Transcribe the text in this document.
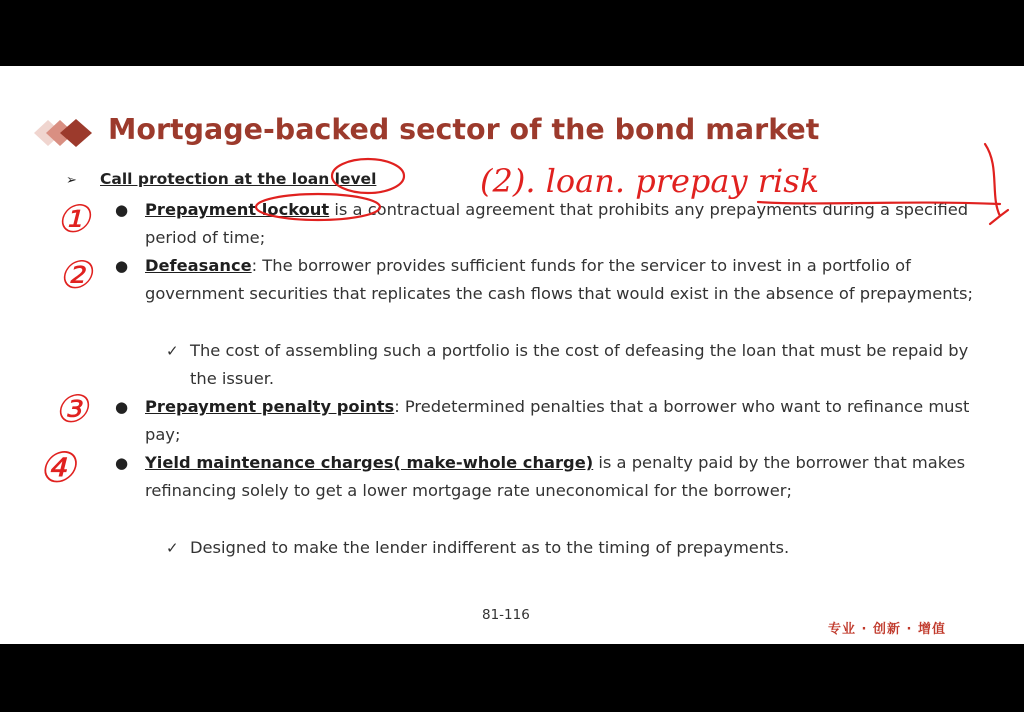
Mortgage-backed sector of the bond market
➢ Call protection at the loan level
● Prepayment lockout is a contractual agreement that prohibits any prepayments during a specified period of time;
● Defeasance: The borrower provides sufficient funds for the servicer to invest in a portfolio of government securities that replicates the cash flows that would exist in the absence of prepayments;
✓ The cost of assembling such a portfolio is the cost of defeasing the loan that must be repaid by the issuer.
● Prepayment penalty points: Predetermined penalties that a borrower who want to refinance must pay;
● Yield maintenance charges( make-whole charge) is a penalty paid by the borrower that makes refinancing solely to get a lower mortgage rate uneconomical for the borrower;
✓ Designed to make the lender indifferent as to the timing of prepayments.
81-116
专业 · 创新 · 增值
(2). loan. prepay risk
①
②
③
④
